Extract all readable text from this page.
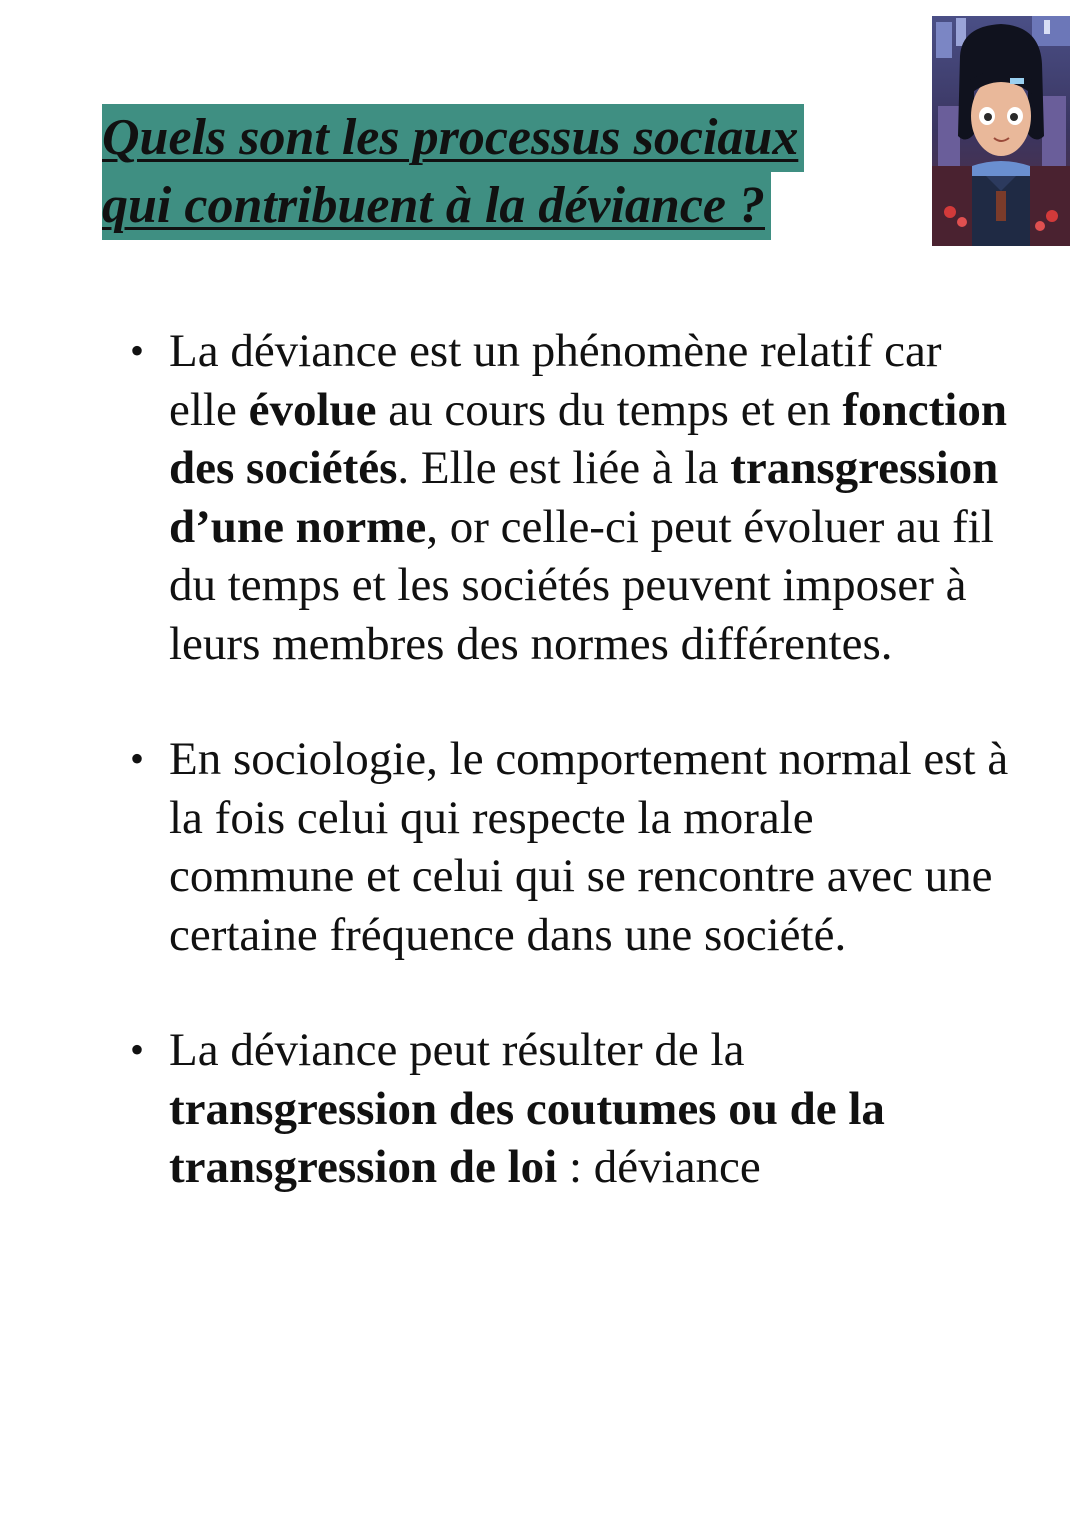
Quels sont les processus sociaux
qui contribuent à la déviance ?
• La déviance est un phénomène relatif car elle évolue au cours du temps et en fonction des sociétés. Elle est liée à la transgression d’une norme, or celle-ci peut évoluer au fil du temps et les sociétés peuvent imposer à leurs membres des normes différentes.
• En sociologie, le comportement normal est à la fois celui qui respecte la morale commune et celui qui se rencontre avec une certaine fréquence dans une société.
• La déviance peut résulter de la transgression des coutumes ou de la transgression de loi : déviance
